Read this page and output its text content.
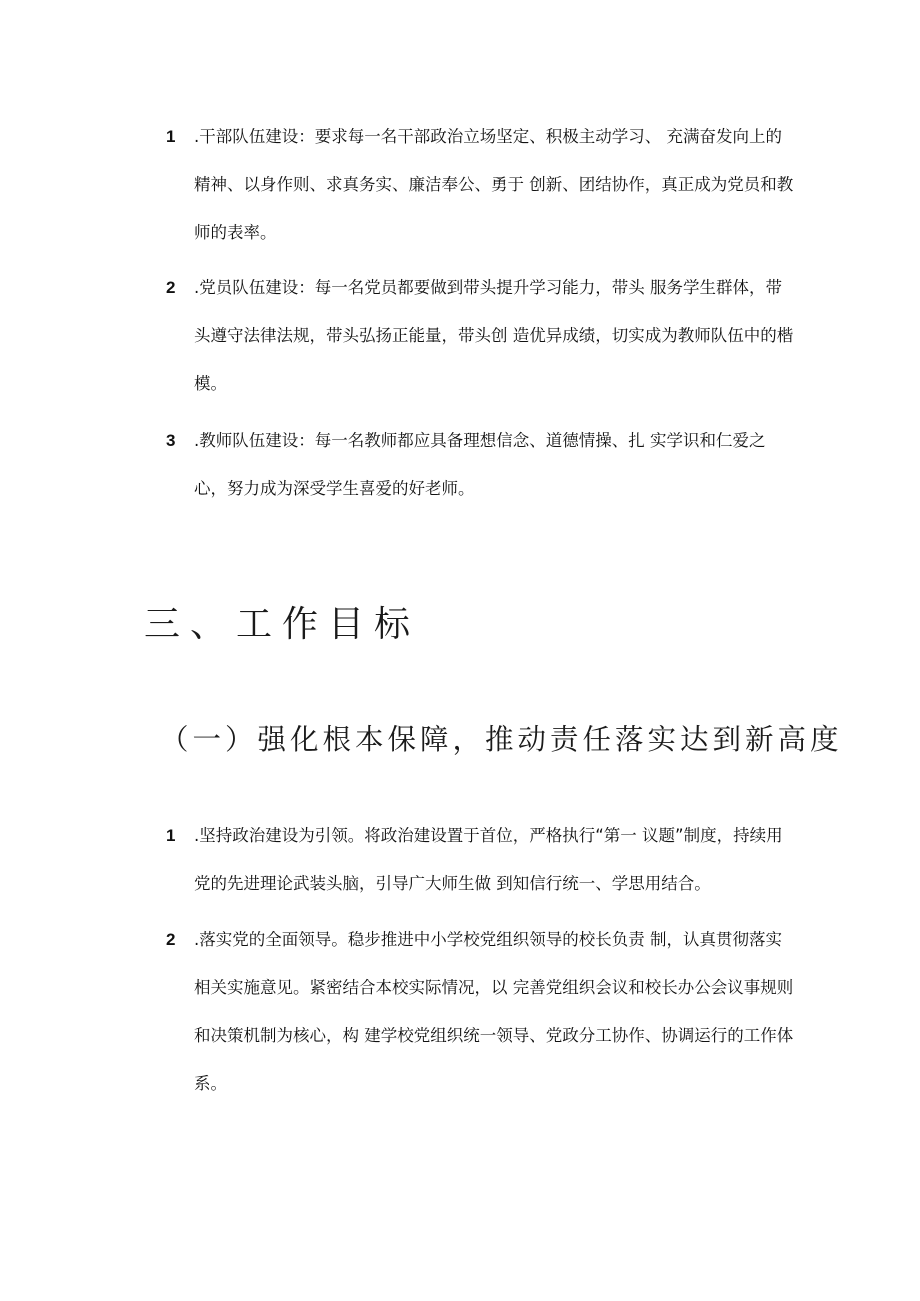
1 .干部队伍建设：要求每一名干部政治立场坚定、积极主动学习、 充满奋发向上的精神、以身作则、求真务实、廉洁奉公、勇于 创新、团结协作，真正成为党员和教师的表率。
2 .党员队伍建设：每一名党员都要做到带头提升学习能力，带头 服务学生群体，带头遵守法律法规，带头弘扬正能量，带头创 造优异成绩，切实成为教师队伍中的楷模。
3 .教师队伍建设：每一名教师都应具备理想信念、道德情操、扎 实学识和仁爱之心，努力成为深受学生喜爱的好老师。
三、工作目标
（一）强化根本保障，推动责任落实达到新高度
1 .坚持政治建设为引领。将政治建设置于首位，严格执行“第一 议题”制度，持续用党的先进理论武装头脑，引导广大师生做 到知信行统一、学思用结合。
2 .落实党的全面领导。稳步推进中小学校党组织领导的校长负责 制，认真贯彻落实相关实施意见。紧密结合本校实际情况，以 完善党组织会议和校长办公会议事规则和决策机制为核心，构 建学校党组织统一领导、党政分工协作、协调运行的工作体系。
